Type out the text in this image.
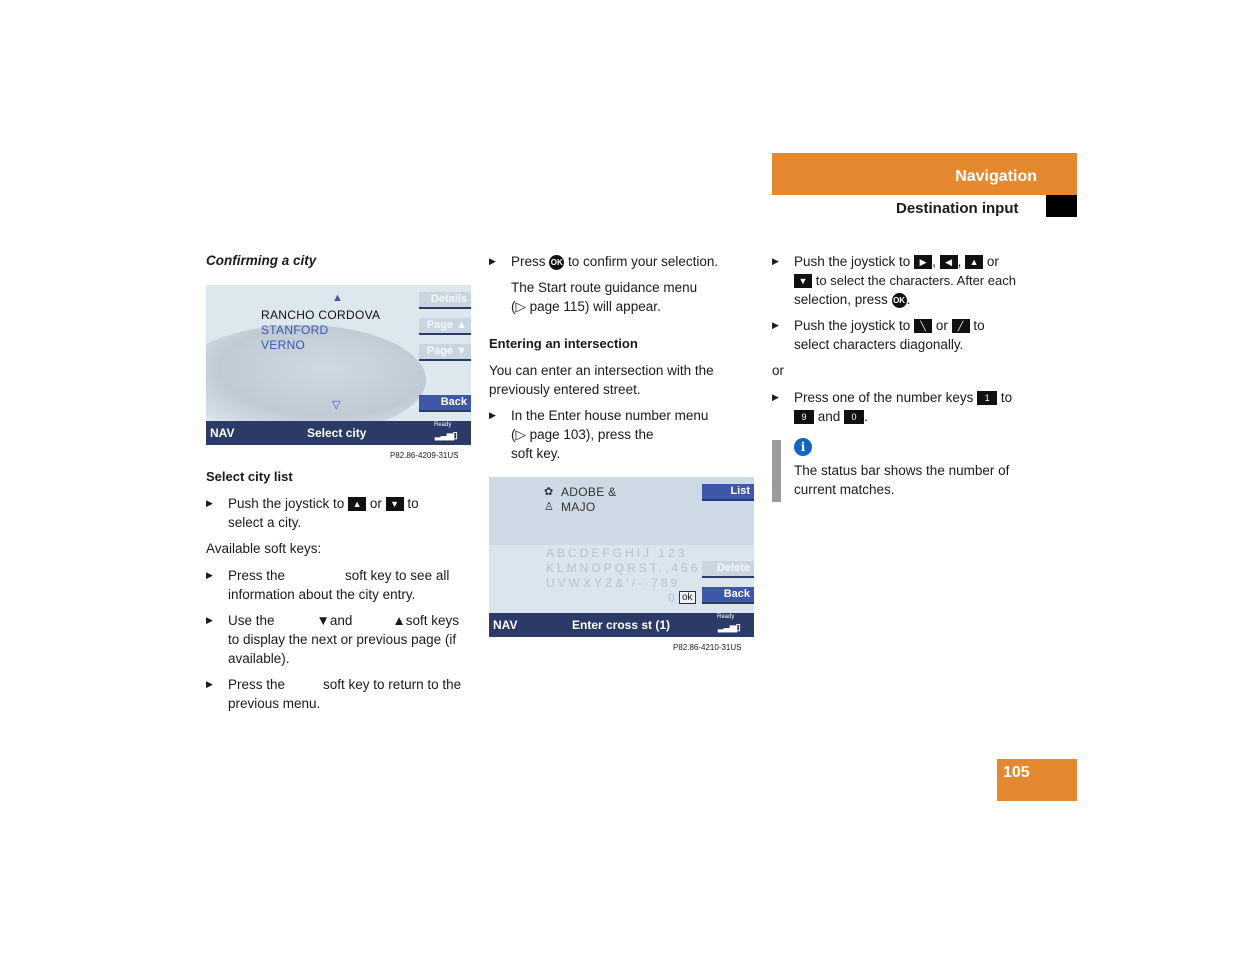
Navigation
Destination input
Confirming a city
▲
RANCHO CORDOVA
STANFORD
VERNO
▽
Details
Page ▲
Page ▼
Back
NAV	Select city
Ready
▂▃▅▯
P82.86-4209-31US
Select city list
▶	Push the joystick to ▲ or ▼ to
select a city.
Available soft keys:
▶	Press the	soft key to see all
information about the city entry.
▶	Use the	▼and	▲soft keys
to display the next or previous page (if
available).
▶	Press the	soft key to return to the
previous menu.
▶	Press OK to confirm your selection.
The Start route guidance menu
(▷ page 115) will appear.
Entering an intersection
You can enter an intersection with the
previously entered street.
▶	In the Enter house number menu
(▷ page 103), press the
soft key.
✿ ADOBE &
♙ MAJO
List
ABCDEFGHIJ 123
KLMNOPQRST..456
UVWXYZ&'/- 789
0 ok
Delete
Back
NAV	Enter cross st (1)
Ready
▂▃▅▯
P82.86-4210-31US
▶	Push the joystick to ▶ , ◀ , ▲ or
▼ to select the characters. After each
selection, press OK .
▶	Push the joystick to ╲ or ╱ to
select characters diagonally.
or
▶	Press one of the number keys 1 to
9 and 0 .
i
The status bar shows the number of
current matches.
105
